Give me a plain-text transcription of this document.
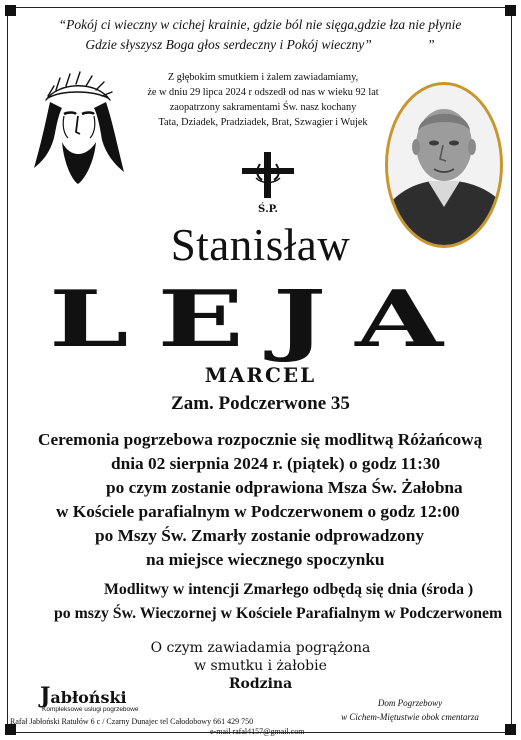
“Pokój ci wieczny w cichej krainie, gdzie ból nie sięga,gdzie łza nie płynie
Gdzie słyszysz Boga głos serdeczny i Pokój wieczny”	”
Z głębokim smutkiem i żalem zawiadamiamy,
że w dniu 29 lipca 2024 r odszedł od nas w wieku 92 lat
zaopatrzony sakramentami Św. nasz kochany
Tata, Dziadek, Pradziadek, Brat, Szwagier i Wujek
Ś.P.
Stanisław
LEJA
MARCEL
Zam. Podczerwone 35
Ceremonia pogrzebowa rozpocznie się modlitwą Różańcową
dnia 02 sierpnia 2024 r. (piątek) o godz 11:30
po czym zostanie odprawiona Msza Św. Żałobna
w Kościele parafialnym w Podczerwonem o godz 12:00
po Mszy Św. Zmarły zostanie odprowadzony
na miejsce wiecznego spoczynku
Modlitwy w intencji Zmarłego odbędą się dnia (środa )
po mszy Św. Wieczornej w Kościele Parafialnym w Podczerwonem
O czym zawiadamia pogrążona
w smutku i żałobie
Rodzina
Jabłoński
Kompleksowe usługi pogrzebowe
Rafał Jabłoński Ratułów 6 c / Czarny Dunajec tel Całodobowy 661 429 750
e-mail rafal4157@gmail.com
Dom Pogrzebowy
w Cichem-Miętustwie obok cmentarza
